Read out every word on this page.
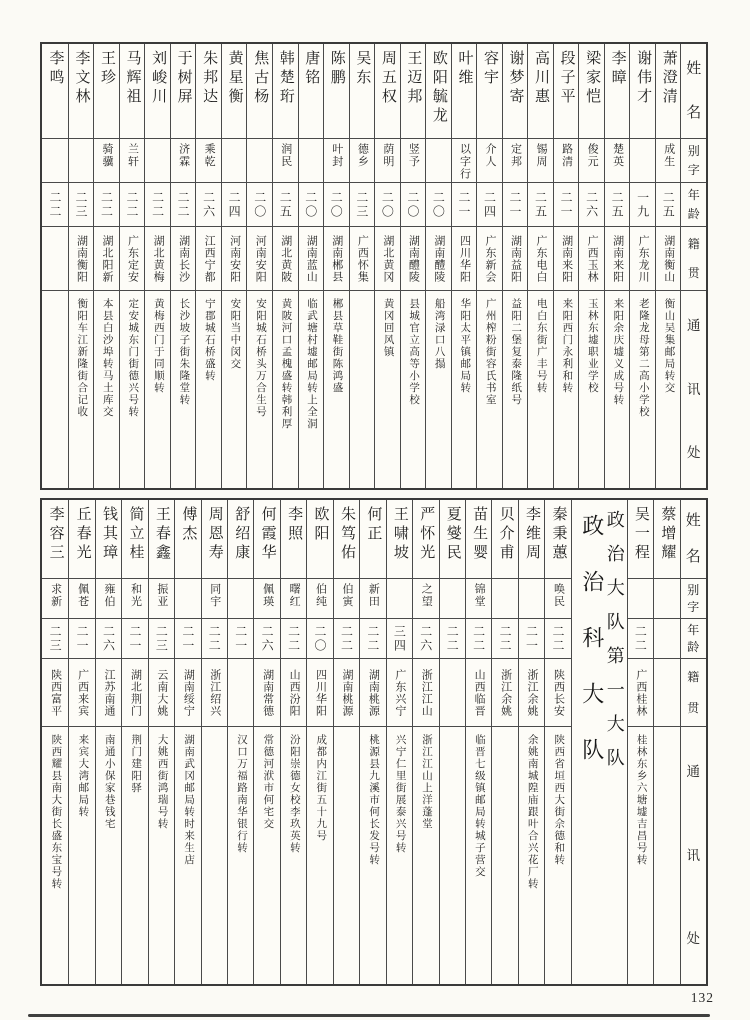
姓
名
别
字
年
龄
籍
贯
通
讯
处
萧澄清
成生
二五
湖南衡山
衡山吴集邮局转交
谢伟才
一九
广东龙川
老隆龙母第二高小学校
李暲
楚英
二五
湖南来阳
来阳余庆墟义成号转
梁家恺
俊元
二六
广西玉林
玉林东墟职业学校
段子平
路清
二一
湖南来阳
来阳西门永利和转
高川惠
锡周
二五
广东电白
电白东街广丰号转
谢梦寄
定邦
二一
湖南益阳
益阳二堡复泰隆纸号
容宇
介人
二四
广东新会
广州榨粉街容氏书室
叶维
以字行
二一
四川华阳
华阳太平镇邮局转
欧阳毓龙
二〇
湖南醴陵
船湾渌口八搨
王迈邦
竖予
二〇
湖南醴陵
县城官立高等小学校
周五权
荫明
二〇
湖北黄冈
黄冈回风镇
吴东
德乡
二三
广西怀集
陈鹏
叶封
二〇
湖南郴县
郴县草鞋街陈鸿盛
唐铭
二〇
湖南蓝山
临武塘村墟邮局转上全洞
韩楚珩
润民
二五
湖北黄陂
黄陂河口孟槐盛转韩利厚
焦古杨
二〇
河南安阳
安阳城石桥头万合生号
黄星衡
二四
河南安阳
安阳当中闵交
朱邦达
乘乾
二六
江西宁都
宁郡城石桥盛转
于树屏
济霖
二二
湖南长沙
长沙坡子街朱隆堂转
刘峻川
二二
湖北黄梅
黄梅西门于同顺转
马辉祖
兰轩
二二
广东定安
定安城东门街德兴号转
王珍
骑骥
二二
湖北阳新
本县白沙埠转马土库交
李文林
二三
湖南衡阳
衡阳车江新隆街合记收
李鸣
二二
姓
名
别
字
年
龄
籍
贯
通
讯
处
蔡增耀
吴一程
二二
广西桂林
桂林东乡六塘墟吉昌号转
政治大队第一大队
政治科大队
秦秉蕙
唤民
二二
陕西长安
陕西省垣西大街佘德和转
李维周
二一
浙江余姚
余姚南城隍庙跟叶合兴花厂转
贝介甫
二二
浙江余姚
苗生婴
锦堂
二二
山西临晋
临晋七级镇邮局转城子营交
夏燮民
二二
严怀光
之望
二六
浙江江山
浙江江山上洋蓬堂
王啸坡
三四
广东兴宁
兴宁仁里街展泰兴号转
何正
新田
二二
湖南桃源
桃源县九溪市何长发号转
朱笃佑
伯寅
二二
湖南桃源
欧阳
伯纯
二〇
四川华阳
成都内江街五十九号
李照
曙红
二二
山西汾阳
汾阳崇德女校李玖英转
何霞华
佩瑛
二六
湖南常德
常德河洑市何宅交
舒绍康
二一
汉口万福路南华银行转
周恩寿
同宇
二二
浙江绍兴
傅杰
二一
湖南绥宁
湖南武冈邮局转时来生店
王春鑫
振亚
二三
云南大姚
大姚西街鸿瑞号转
简立桂
和光
二一
湖北荆门
荆门建阳驿
钱其璋
雍伯
二六
江苏南通
南通小保家巷钱宅
丘春光
佩苍
二一
广西来宾
来宾大湾邮局转
李容三
求新
二三
陕西富平
陕西耀县南大街长盛东宝号转
132
